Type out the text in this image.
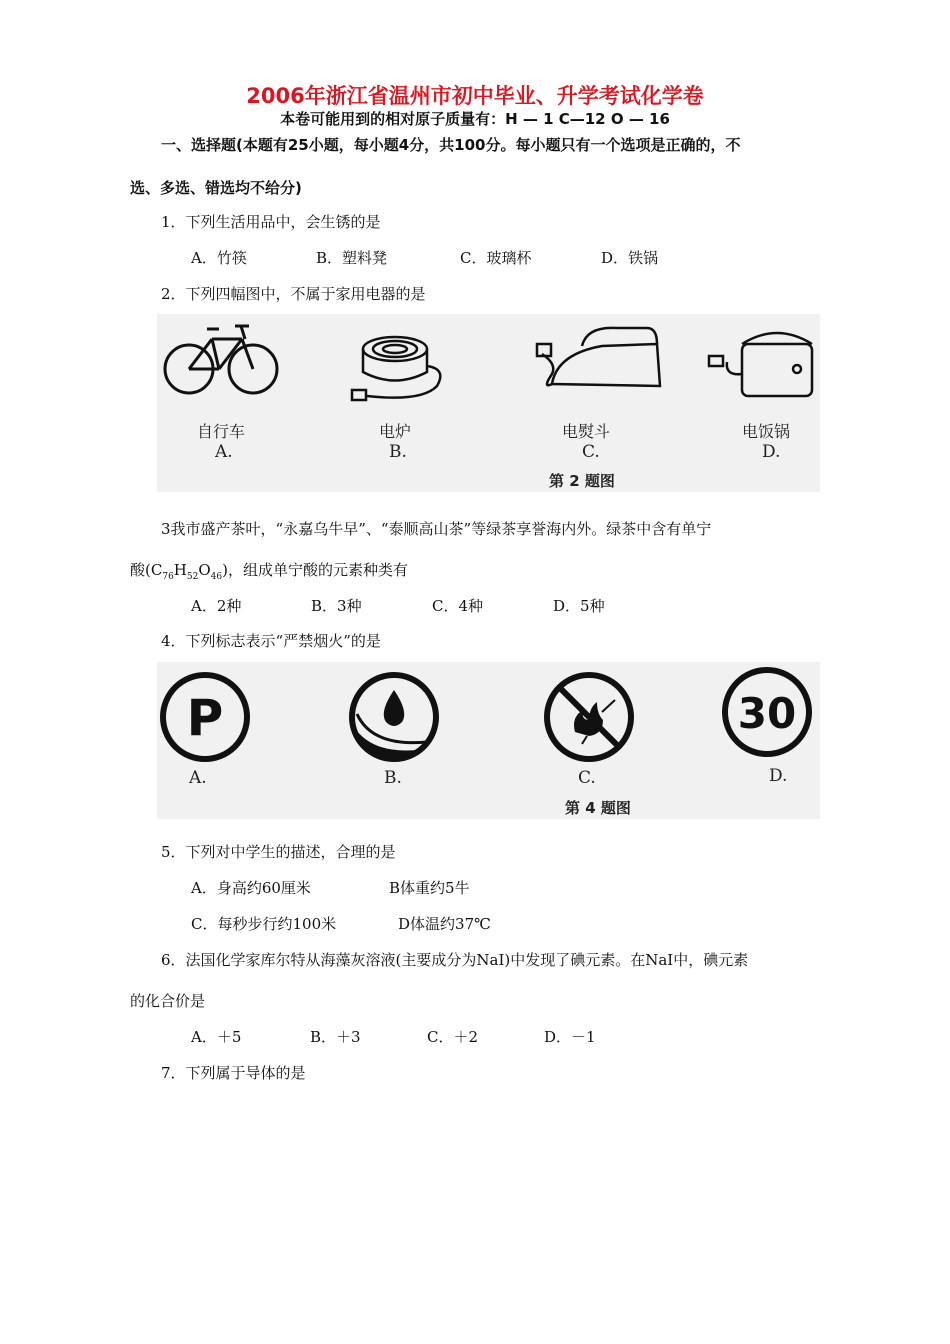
2006年浙江省温州市初中毕业、升学考试化学卷
本卷可能用到的相对原子质量有：H — 1 C—12 O — 16
一、选择题(本题有25小题，每小题4分，共100分。每小题只有一个选项是正确的，不
选、多选、错选均不给分)
1．下列生活用品中，会生锈的是
A．竹筷	B．塑料凳	C．玻璃杯	D．铁锅
2．下列四幅图中，不属于家用电器的是
自行车
A.
电炉
B.
电熨斗
C.
电饭锅
D.
第 2 题图
3我市盛产茶叶，“永嘉乌牛早”、“泰顺高山茶”等绿茶享誉海内外。绿茶中含有单宁
酸$(C_{76}H_{52}O_{46})$，组成单宁酸的元素种类有
A．2种	B．3种	C．4种	D．5种
4．下列标志表示“严禁烟火”的是
P	30
A.	B.	C.	D.
第 4 题图
5．下列对中学生的描述，合理的是
A．身高约60厘米	B体重约5牛
C．每秒步行约100米	D体温约37℃
6．法国化学家库尔特从海藻灰溶液(主要成分为NaI)中发现了碘元素。在NaI中，碘元素
的化合价是
A．＋5	B．＋3	C．＋2	D．－1
7．下列属于导体的是
